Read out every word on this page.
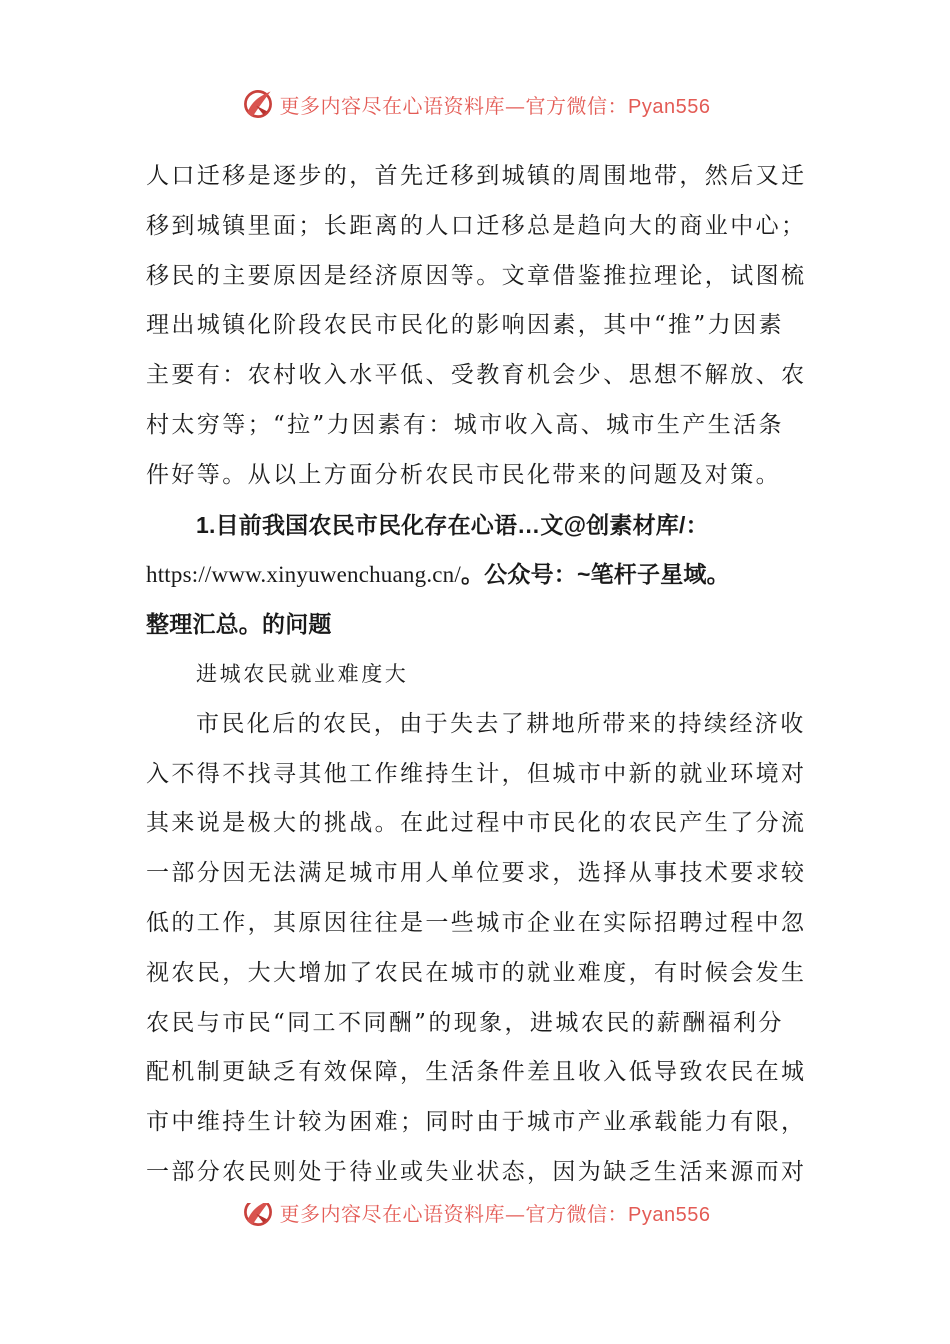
更多内容尽在心语资料库—官方微信：Pyan556

人口迁移是逐步的，首先迁移到城镇的周围地带，然后又迁

移到城镇里面；长距离的人口迁移总是趋向大的商业中心；

移民的主要原因是经济原因等。文章借鉴推拉理论，试图梳

理出城镇化阶段农民市民化的影响因素，其中“推”力因素

主要有：农村收入水平低、受教育机会少、思想不解放、农

村太穷等；“拉”力因素有：城市收入高、城市生产生活条

件好等。从以上方面分析农民市民化带来的问题及对策。

1.目前我国农民市民化存在心语…文@创素材库/：

https://www.xinyuwenchuang.cn/。公众号：~笔杆子星域。

整理汇总。的问题

进城农民就业难度大

市民化后的农民，由于失去了耕地所带来的持续经济收

入不得不找寻其他工作维持生计，但城市中新的就业环境对

其来说是极大的挑战。在此过程中市民化的农民产生了分流

一部分因无法满足城市用人单位要求，选择从事技术要求较

低的工作，其原因往往是一些城市企业在实际招聘过程中忽

视农民，大大增加了农民在城市的就业难度，有时候会发生

农民与市民“同工不同酬”的现象，进城农民的薪酬福利分

配机制更缺乏有效保障，生活条件差且收入低导致农民在城

市中维持生计较为困难；同时由于城市产业承载能力有限，

一部分农民则处于待业或失业状态，因为缺乏生活来源而对

更多内容尽在心语资料库—官方微信：Pyan556
